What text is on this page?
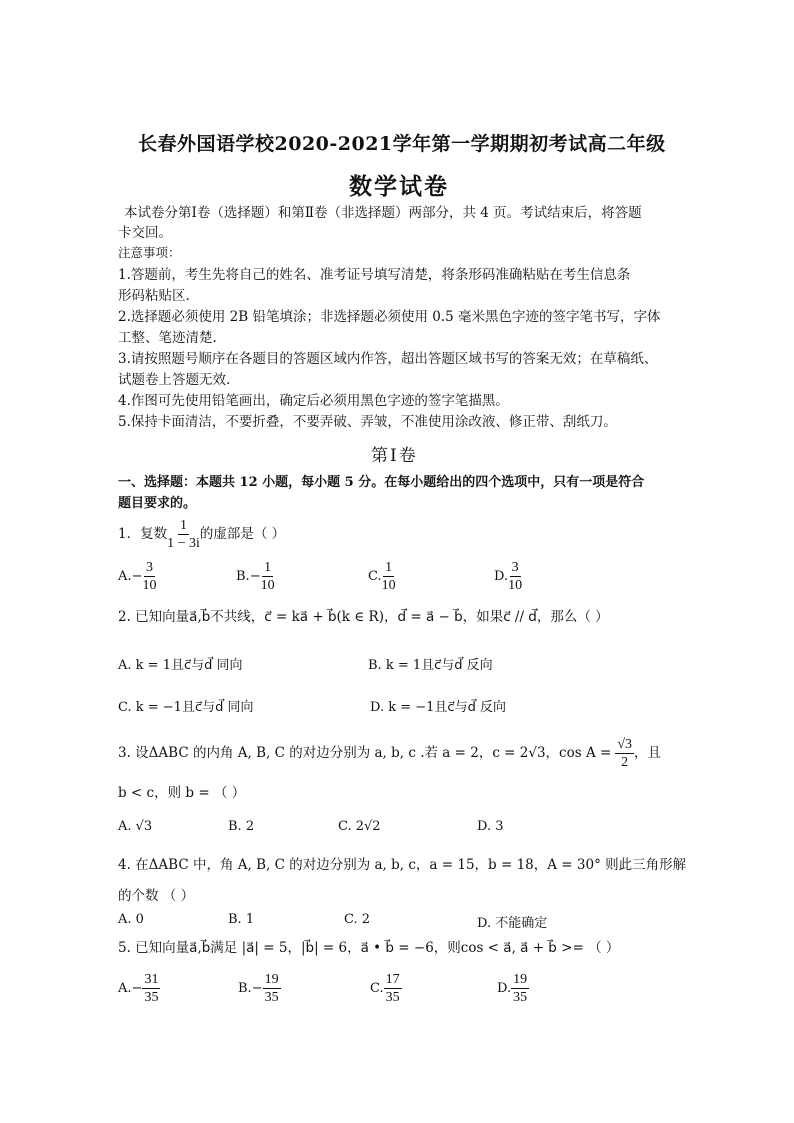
长春外国语学校2020-2021学年第一学期期初考试高二年级
数学试卷
本试卷分第Ⅰ卷（选择题）和第Ⅱ卷（非选择题）两部分，共 4 页。考试结束后，将答题
卡交回。
注意事项：
1.答题前，考生先将自己的姓名、准考证号填写清楚，将条形码准确粘贴在考生信息条
形码粘贴区.
2.选择题必须使用 2B 铅笔填涂；非选择题必须使用 0.5 毫米黑色字迹的签字笔书写，字体
工整、笔迹清楚.
3.请按照题号顺序在各题目的答题区域内作答，超出答题区域书写的答案无效；在草稿纸、
试题卷上答题无效.
4.作图可先使用铅笔画出，确定后必须用黑色字迹的签字笔描黑。
5.保持卡面清洁，不要折叠，不要弄破、弄皱，不准使用涂改液、修正带、刮纸刀。
第Ⅰ卷
一、选择题：本题共 12 小题，每小题 5 分。在每小题给出的四个选项中，只有一项是符合
题目要求的。
1．复数 $\frac{1}{1 - 3i}$ 的虚部是（ ）
A. − $\frac{3}{10}$	B. − $\frac{1}{10}$	C. $\frac{1}{10}$	D. $\frac{3}{10}$
2. 已知向量a⃗,b⃗不共线，c⃗ = ka⃗ + b⃗(k ∈ R)，d⃗ = a⃗ − b⃗，如果c⃗ // d⃗，那么（ ）
A. k = 1且c⃗与d⃗ 同向	B. k = 1且c⃗与d⃗ 反向
C. k = −1且c⃗与d⃗ 同向	D. k = −1且c⃗与d⃗ 反向
3. 设ΔABC 的内角 A, B, C 的对边分别为 a, b, c .若 a = 2，c = 2√3，$\cos A = \frac{√3}{2}$ ，且
b < c，则 b = （ ）
A. √3	B. 2	C. 2√2	D. 3
4. 在ΔABC 中，角 A, B, C 的对边分别为 a, b, c，a = 15，b = 18，A = 30° 则此三角形解
的个数 （ ）
A. 0	B. 1	C. 2	D. 不能确定
5. 已知向量a⃗,b⃗满足 |a⃗| = 5，|b⃗| = 6，a⃗ • b⃗ = −6，则cos < a⃗, a⃗ + b⃗ >= （ ）
A. − $\frac{31}{35}$	B. − $\frac{19}{35}$	C. $\frac{17}{35}$	D. $\frac{19}{35}$
